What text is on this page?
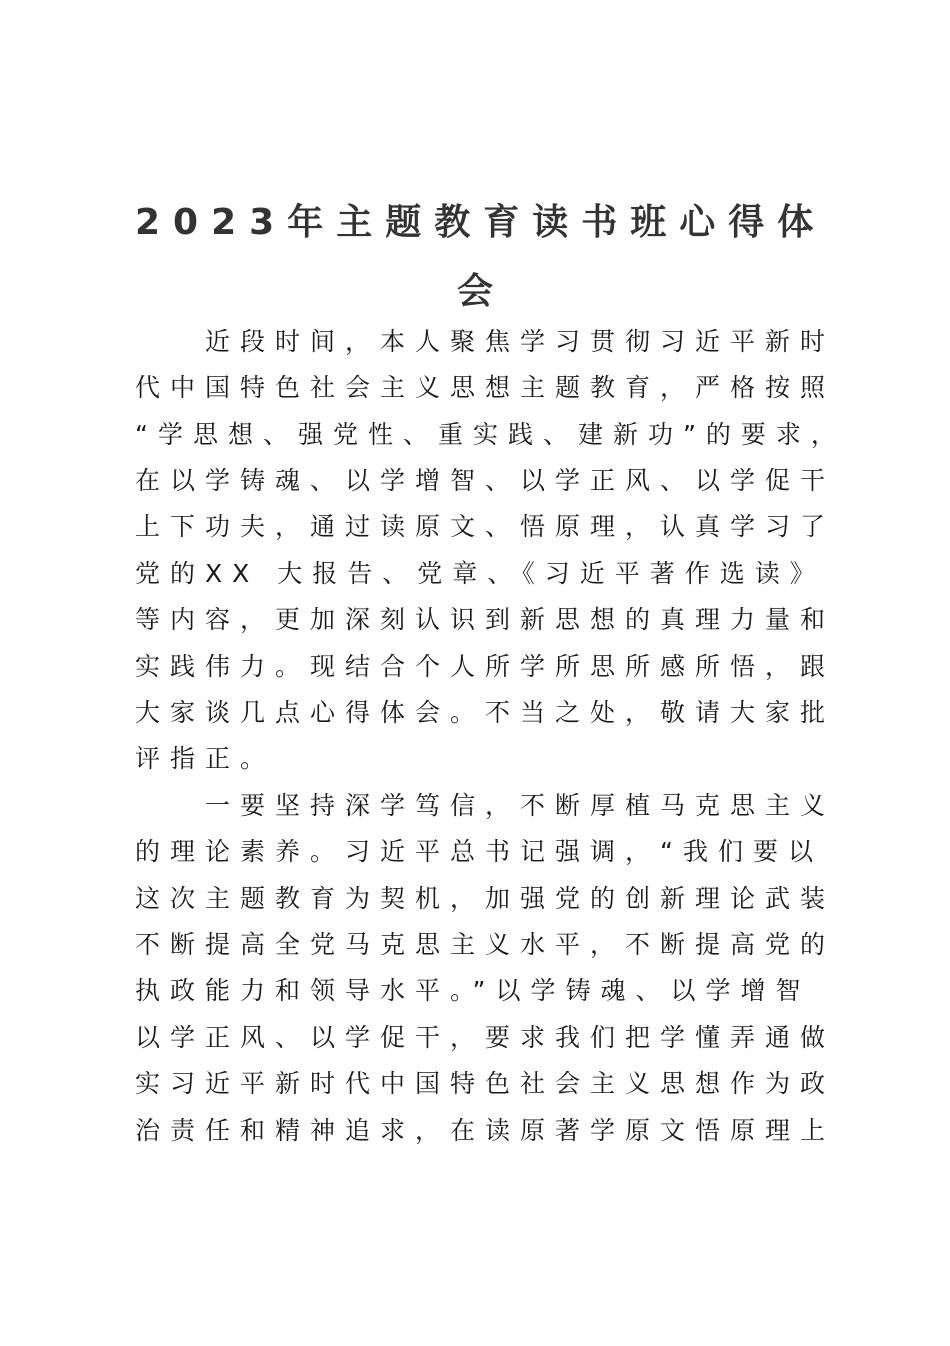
2023年主题教育读书班心得体
会
近段时间，本人聚焦学习贯彻习近平新时
代中国特色社会主义思想主题教育，严格按照
“学思想、强党性、重实践、建新功”的要求，
在以学铸魂、以学增智、以学正风、以学促干
上下功夫，通过读原文、悟原理，认真学习了
党的XX 大报告、党章、《习近平著作选读》
等内容，更加深刻认识到新思想的真理力量和
实践伟力。现结合个人所学所思所感所悟，跟
大家谈几点心得体会。不当之处，敬请大家批
评指正。
一要坚持深学笃信，不断厚植马克思主义
的理论素养。习近平总书记强调，“我们要以
这次主题教育为契机，加强党的创新理论武装
不断提高全党马克思主义水平，不断提高党的
执政能力和领导水平。”以学铸魂、以学增智
以学正风、以学促干，要求我们把学懂弄通做
实习近平新时代中国特色社会主义思想作为政
治责任和精神追求，在读原著学原文悟原理上
